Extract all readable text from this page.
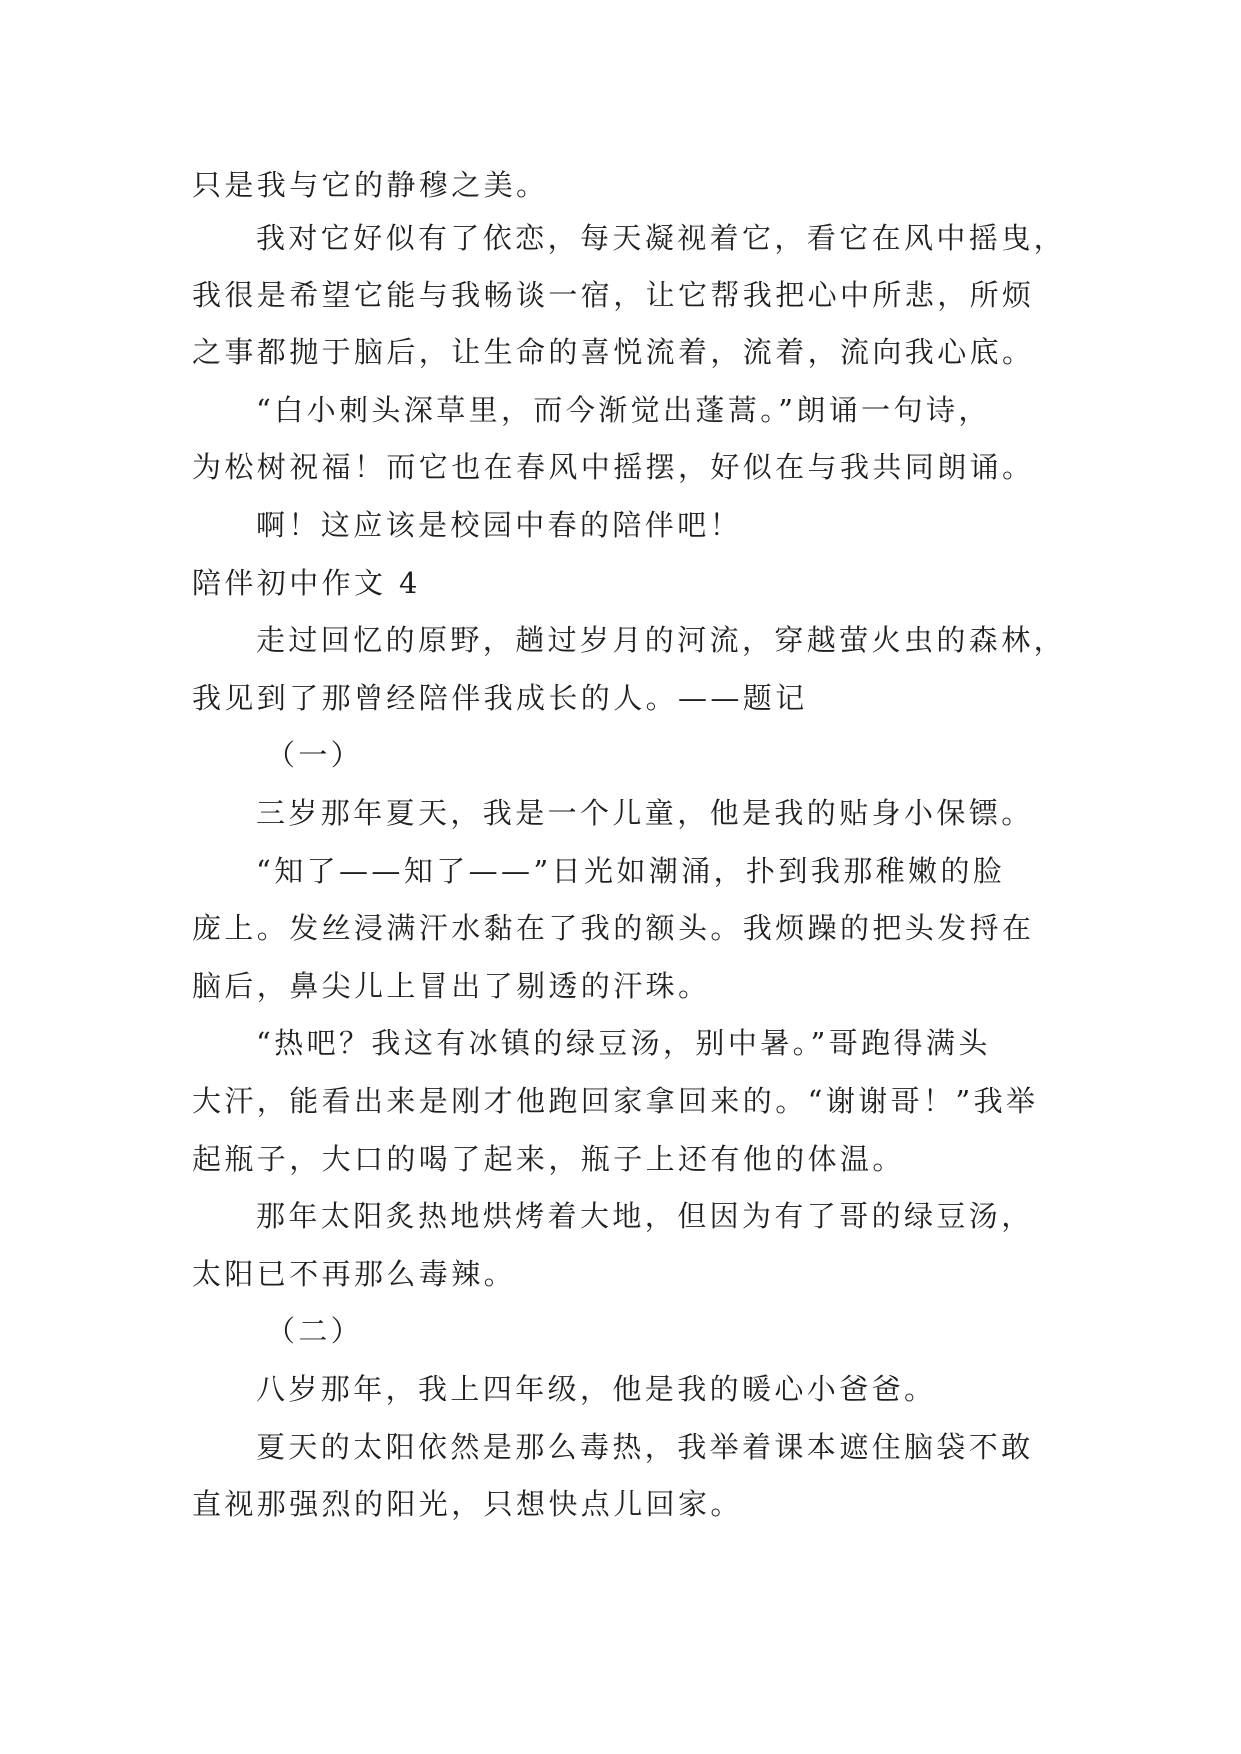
只是我与它的静穆之美。
我对它好似有了依恋，每天凝视着它，看它在风中摇曳，
我很是希望它能与我畅谈一宿，让它帮我把心中所悲，所烦
之事都抛于脑后，让生命的喜悦流着，流着，流向我心底。
“白小刺头深草里，而今渐觉出蓬蒿。”朗诵一句诗，
为松树祝福！而它也在春风中摇摆，好似在与我共同朗诵。
啊！这应该是校园中春的陪伴吧！
陪伴初中作文 4
走过回忆的原野，趟过岁月的河流，穿越萤火虫的森林，
我见到了那曾经陪伴我成长的人。——题记
（一）
三岁那年夏天，我是一个儿童，他是我的贴身小保镖。
“知了——知了——”日光如潮涌，扑到我那稚嫩的脸
庞上。发丝浸满汗水黏在了我的额头。我烦躁的把头发捋在
脑后，鼻尖儿上冒出了剔透的汗珠。
“热吧？我这有冰镇的绿豆汤，别中暑。”哥跑得满头
大汗，能看出来是刚才他跑回家拿回来的。“谢谢哥！”我举
起瓶子，大口的喝了起来，瓶子上还有他的体温。
那年太阳炙热地烘烤着大地，但因为有了哥的绿豆汤，
太阳已不再那么毒辣。
（二）
八岁那年，我上四年级，他是我的暖心小爸爸。
夏天的太阳依然是那么毒热，我举着课本遮住脑袋不敢
直视那强烈的阳光，只想快点儿回家。
